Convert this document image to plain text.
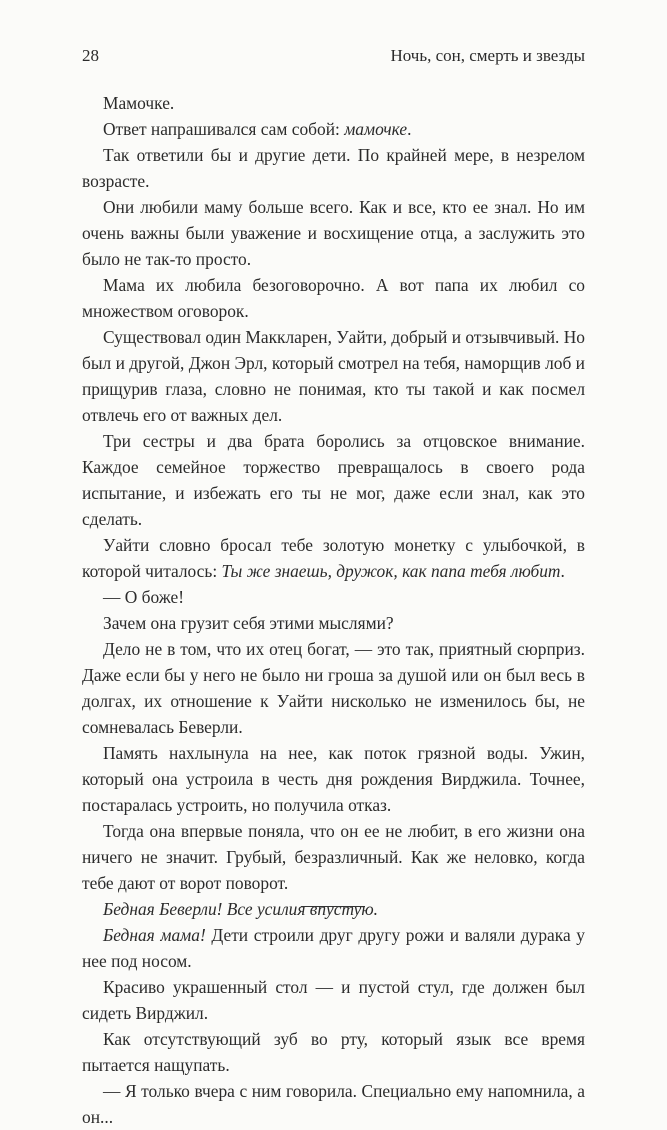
28	Ночь, сон, смерть и звезды

Мамочке.

Ответ напрашивался сам собой: мамочке.

Так ответили бы и другие дети. По крайней мере, в незрелом возрасте.

Они любили маму больше всего. Как и все, кто ее знал. Но им очень важны были уважение и восхищение отца, а заслужить это было не так-то просто.

Мама их любила безоговорочно. А вот папа их любил со множеством оговорок.

Существовал один Маккларен, Уайти, добрый и отзывчивый. Но был и другой, Джон Эрл, который смотрел на тебя, наморщив лоб и прищурив глаза, словно не понимая, кто ты такой и как посмел отвлечь его от важных дел.

Три сестры и два брата боролись за отцовское внимание. Каждое семейное торжество превращалось в своего рода испытание, и избежать его ты не мог, даже если знал, как это сделать.

Уайти словно бросал тебе золотую монетку с улыбочкой, в которой читалось: Ты же знаешь, дружок, как папа тебя любит.

— О боже!

Зачем она грузит себя этими мыслями?

Дело не в том, что их отец богат, — это так, приятный сюрприз. Даже если бы у него не было ни гроша за душой или он был весь в долгах, их отношение к Уайти нисколько не изменилось бы, не сомневалась Беверли.

Память нахлынула на нее, как поток грязной воды. Ужин, который она устроила в честь дня рождения Вирджила. Точнее, постаралась устроить, но получила отказ.

Тогда она впервые поняла, что он ее не любит, в его жизни она ничего не значит. Грубый, безразличный. Как же неловко, когда тебе дают от ворот поворот.

Бедная Беверли! Все усилия впустую.

Бедная мама! Дети строили друг другу рожи и валяли дурака у нее под носом.

Красиво украшенный стол — и пустой стул, где должен был сидеть Вирджил.

Как отсутствующий зуб во рту, который язык все время пытается нащупать.

— Я только вчера с ним говорила. Специально ему напомнила, а он...
